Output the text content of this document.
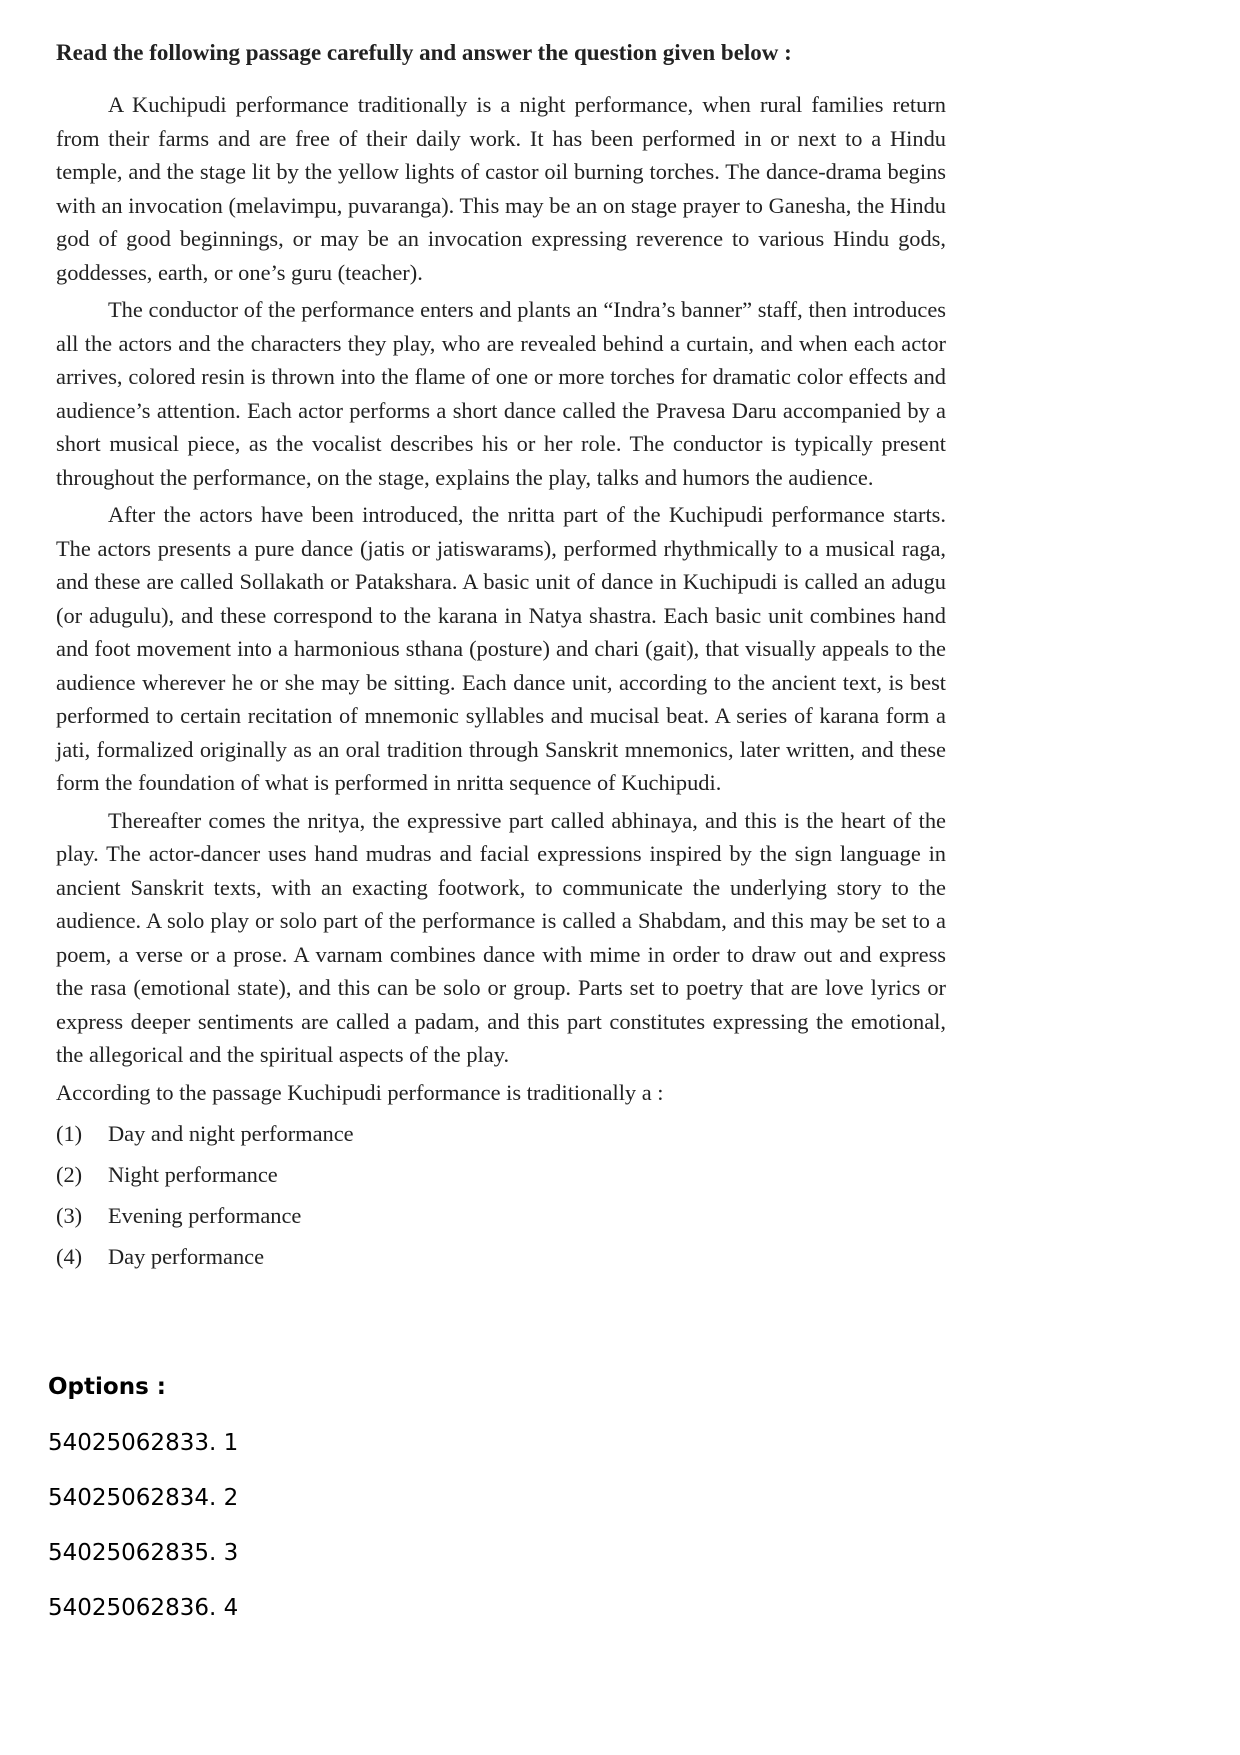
Read the following passage carefully and answer the question given below :

A Kuchipudi performance traditionally is a night performance, when rural families return from their farms and are free of their daily work. It has been performed in or next to a Hindu temple, and the stage lit by the yellow lights of castor oil burning torches. The dance-drama begins with an invocation (melavimpu, puvaranga). This may be an on stage prayer to Ganesha, the Hindu god of good beginnings, or may be an invocation expressing reverence to various Hindu gods, goddesses, earth, or one’s guru (teacher).

The conductor of the performance enters and plants an “Indra’s banner” staff, then introduces all the actors and the characters they play, who are revealed behind a curtain, and when each actor arrives, colored resin is thrown into the flame of one or more torches for dramatic color effects and audience’s attention. Each actor performs a short dance called the Pravesa Daru accompanied by a short musical piece, as the vocalist describes his or her role. The conductor is typically present throughout the performance, on the stage, explains the play, talks and humors the audience.

After the actors have been introduced, the nritta part of the Kuchipudi performance starts. The actors presents a pure dance (jatis or jatiswarams), performed rhythmically to a musical raga, and these are called Sollakath or Patakshara. A basic unit of dance in Kuchipudi is called an adugu (or adugulu), and these correspond to the karana in Natya shastra. Each basic unit combines hand and foot movement into a harmonious sthana (posture) and chari (gait), that visually appeals to the audience wherever he or she may be sitting. Each dance unit, according to the ancient text, is best performed to certain recitation of mnemonic syllables and mucisal beat. A series of karana form a jati, formalized originally as an oral tradition through Sanskrit mnemonics, later written, and these form the foundation of what is performed in nritta sequence of Kuchipudi.

Thereafter comes the nritya, the expressive part called abhinaya, and this is the heart of the play. The actor-dancer uses hand mudras and facial expressions inspired by the sign language in ancient Sanskrit texts, with an exacting footwork, to communicate the underlying story to the audience. A solo play or solo part of the performance is called a Shabdam, and this may be set to a poem, a verse or a prose. A varnam combines dance with mime in order to draw out and express the rasa (emotional state), and this can be solo or group. Parts set to poetry that are love lyrics or express deeper sentiments are called a padam, and this part constitutes expressing the emotional, the allegorical and the spiritual aspects of the play.

According to the passage Kuchipudi performance is traditionally a :
(1)	Day and night performance
(2)	Night performance
(3)	Evening performance
(4)	Day performance
Options :
54025062833. 1
54025062834. 2
54025062835. 3
54025062836. 4
